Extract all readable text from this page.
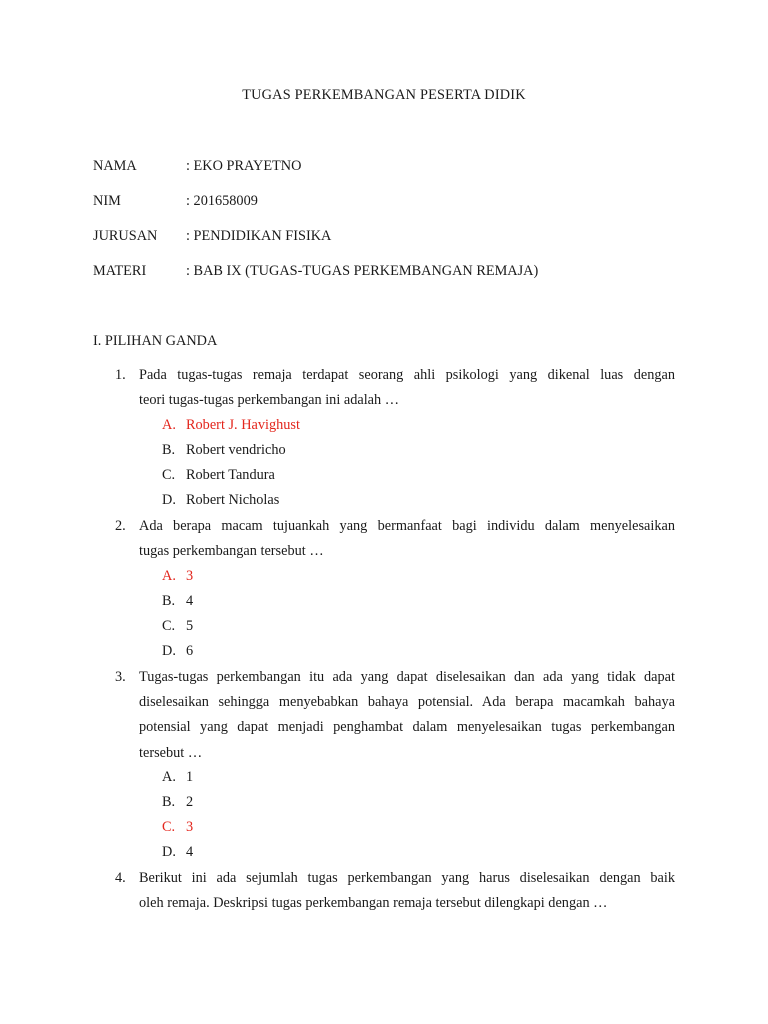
TUGAS PERKEMBANGAN PESERTA DIDIK
NAMA	: EKO PRAYETNO
NIM	: 201658009
JURUSAN : PENDIDIKAN FISIKA
MATERI	: BAB IX (TUGAS-TUGAS PERKEMBANGAN REMAJA)
I. PILIHAN GANDA
1. Pada tugas-tugas remaja terdapat seorang ahli psikologi yang dikenal luas dengan
teori tugas-tugas perkembangan ini adalah …
A. Robert J. Havighust
B. Robert vendricho
C. Robert Tandura
D. Robert Nicholas
2. Ada berapa macam tujuankah yang bermanfaat bagi individu dalam menyelesaikan
tugas perkembangan tersebut …
A. 3
B. 4
C. 5
D. 6
3. Tugas-tugas perkembangan itu ada yang dapat diselesaikan dan ada yang tidak dapat
diselesaikan sehingga menyebabkan bahaya potensial. Ada berapa macamkah bahaya
potensial yang dapat menjadi penghambat dalam menyelesaikan tugas perkembangan
tersebut …
A. 1
B. 2
C. 3
D. 4
4. Berikut ini ada sejumlah tugas perkembangan yang harus diselesaikan dengan baik
oleh remaja. Deskripsi tugas perkembangan remaja tersebut dilengkapi dengan …
